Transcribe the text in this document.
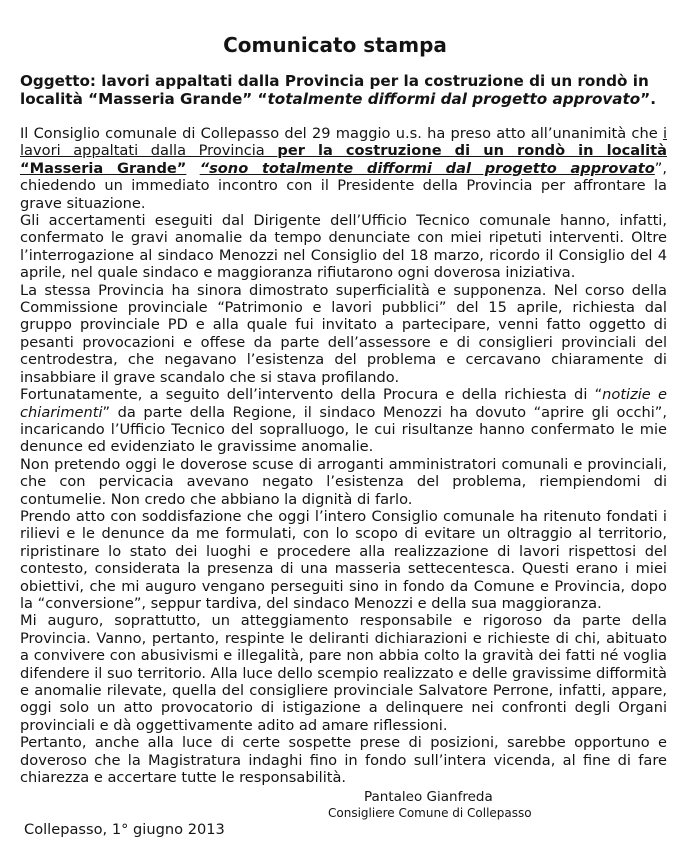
Comunicato stampa
Oggetto: lavori appaltati dalla Provincia per la costruzione di un rondò in località “Masseria Grande” “totalmente difformi dal progetto approvato”.

Il Consiglio comunale di Collepasso del 29 maggio u.s. ha preso atto all’unanimità che i lavori appaltati dalla Provincia per la costruzione di un rondò in località “Masseria Grande” “sono totalmente difformi dal progetto approvato”, chiedendo un immediato incontro con il Presidente della Provincia per affrontare la grave situazione.

Gli accertamenti eseguiti dal Dirigente dell’Ufficio Tecnico comunale hanno, infatti, confermato le gravi anomalie da tempo denunciate con miei ripetuti interventi. Oltre l’interrogazione al sindaco Menozzi nel Consiglio del 18 marzo, ricordo il Consiglio del 4 aprile, nel quale sindaco e maggioranza rifiutarono ogni doverosa iniziativa.

La stessa Provincia ha sinora dimostrato superficialità e supponenza. Nel corso della Commissione provinciale “Patrimonio e lavori pubblici” del 15 aprile, richiesta dal gruppo provinciale PD e alla quale fui invitato a partecipare, venni fatto oggetto di pesanti provocazioni e offese da parte dell’assessore e di consiglieri provinciali del centrodestra, che negavano l’esistenza del problema e cercavano chiaramente di insabbiare il grave scandalo che si stava profilando.

Fortunatamente, a seguito dell’intervento della Procura e della richiesta di “notizie e chiarimenti” da parte della Regione, il sindaco Menozzi ha dovuto “aprire gli occhi”, incaricando l’Ufficio Tecnico del sopralluogo, le cui risultanze hanno confermato le mie denunce ed evidenziato le gravissime anomalie.

Non pretendo oggi le doverose scuse di arroganti amministratori comunali e provinciali, che con pervicacia avevano negato l’esistenza del problema, riempiendomi di contumelie. Non credo che abbiano la dignità di farlo.

Prendo atto con soddisfazione che oggi l’intero Consiglio comunale ha ritenuto fondati i rilievi e le denunce da me formulati, con lo scopo di evitare un oltraggio al territorio, ripristinare lo stato dei luoghi e procedere alla realizzazione di lavori rispettosi del contesto, considerata la presenza di una masseria settecentesca. Questi erano i miei obiettivi, che mi auguro vengano perseguiti sino in fondo da Comune e Provincia, dopo la “conversione”, seppur tardiva, del sindaco Menozzi e della sua maggioranza.

Mi auguro, soprattutto, un atteggiamento responsabile e rigoroso da parte della Provincia. Vanno, pertanto, respinte le deliranti dichiarazioni e richieste di chi, abituato a convivere con abusivismi e illegalità, pare non abbia colto la gravità dei fatti né voglia difendere il suo territorio. Alla luce dello scempio realizzato e delle gravissime difformità e anomalie rilevate, quella del consigliere provinciale Salvatore Perrone, infatti, appare, oggi solo un atto provocatorio di istigazione a delinquere nei confronti degli Organi provinciali e dà oggettivamente adito ad amare riflessioni.

Pertanto, anche alla luce di certe sospette prese di posizioni, sarebbe opportuno e doveroso che la Magistratura indaghi fino in fondo sull’intera vicenda, al fine di fare chiarezza e accertare tutte le responsabilità.

Pantaleo Gianfreda
Consigliere Comune di Collepasso
Collepasso, 1° giugno 2013
